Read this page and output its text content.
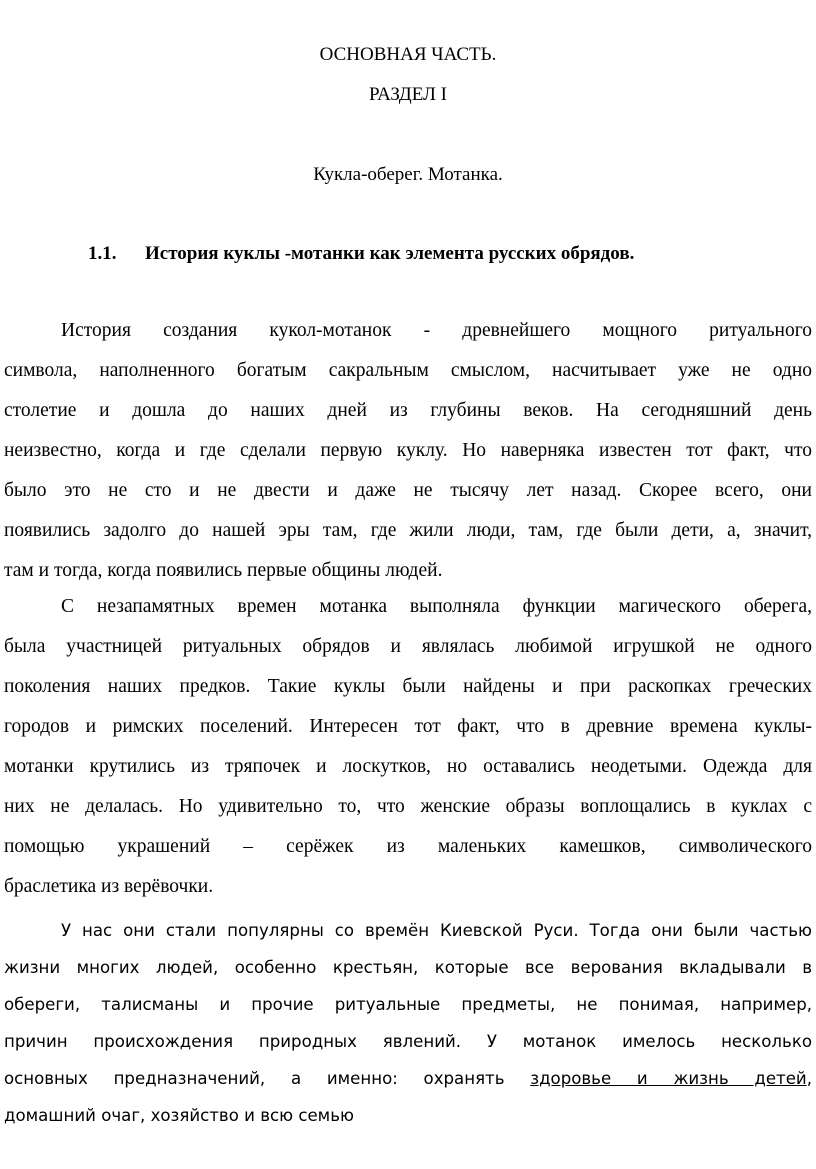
ОСНОВНАЯ ЧАСТЬ.
РАЗДЕЛ I
Кукла-оберег. Мотанка.
1.1. История куклы -мотанки как элемента русских обрядов.
История создания кукол-мотанок - древнейшего мощного ритуального
символа, наполненного богатым сакральным смыслом, насчитывает уже не одно
столетие и дошла до наших дней из глубины веков. На сегодняшний день
неизвестно, когда и где сделали первую куклу. Но наверняка известен тот факт, что
было это не сто и не двести и даже не тысячу лет назад. Скорее всего, они
появились задолго до нашей эры там, где жили люди, там, где были дети, а, значит,
там и тогда, когда появились первые общины людей.
С незапамятных времен мотанка выполняла функции магического оберега,
была участницей ритуальных обрядов и являлась любимой игрушкой не одного
поколения наших предков. Такие куклы были найдены и при раскопках греческих
городов и римских поселений. Интересен тот факт, что в древние времена куклы-
мотанки крутились из тряпочек и лоскутков, но оставались неодетыми. Одежда для
них не делалась. Но удивительно то, что женские образы воплощались в куклах с
помощью украшений – серёжек из маленьких камешков, символического
браслетика из верёвочки.
У нас они стали популярны со времён Киевской Руси. Тогда они были частью
жизни многих людей, особенно крестьян, которые все верования вкладывали в
обереги, талисманы и прочие ритуальные предметы, не понимая, например,
причин происхождения природных явлений. У мотанок имелось несколько
основных предназначений, а именно: охранять здоровье и жизнь детей,
домашний очаг, хозяйство и всю семью
